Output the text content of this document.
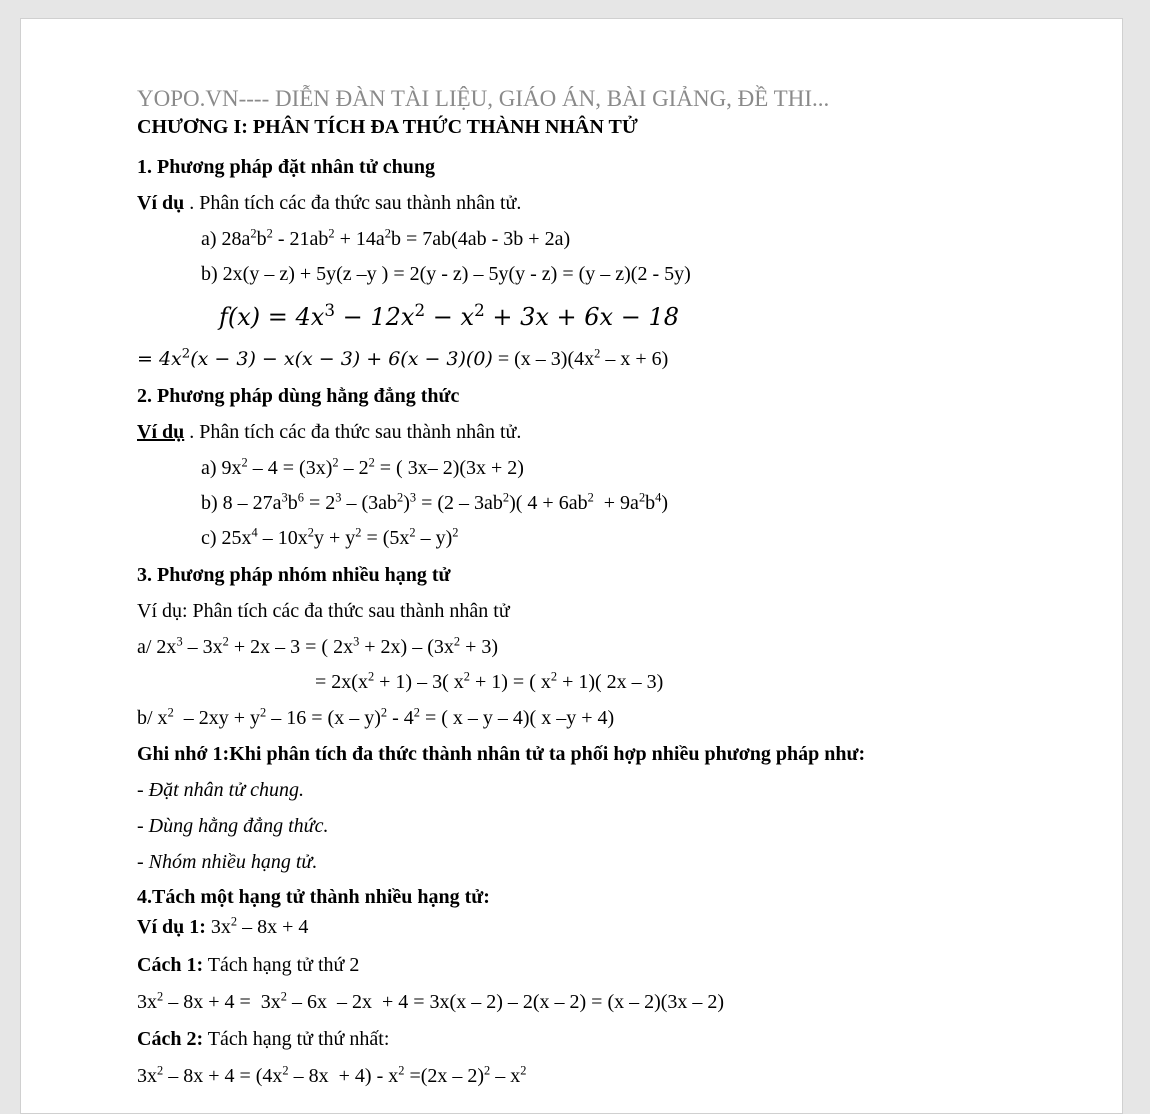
YOPO.VN---- DIỄN ĐÀN TÀI LIỆU, GIÁO ÁN, BÀI GIẢNG, ĐỀ THI...
CHƯƠNG I: PHÂN TÍCH ĐA THỨC THÀNH NHÂN TỬ
1. Phương pháp đặt nhân tử chung
Ví dụ . Phân tích các đa thức sau thành nhân tử.
a) $28a^2b^2 - 21ab^2 + 14a^2b = 7ab(4ab - 3b + 2a)$
b) 2x(y – z) + 5y(z –y ) = 2(y - z) – 5y(y - z) = (y – z)(2 - 5y)
$f(x) = 4x^3 - 12x^2 - x^2 + 3x + 6x - 18$
= $4x^2(x - 3) - x(x - 3) + 6(x - 3)(0) = (x - 3)(4x^2 - x + 6)$
2. Phương pháp dùng hằng đẳng thức
Ví dụ . Phân tích các đa thức sau thành nhân tử.
a) $9x^2 - 4 = (3x)^2 - 2^2$ = ( 3x– 2)(3x + 2)
b) $8 - 27a^3b^6 = 2^3 - (3ab^2)^3 = (2 - 3ab^2)$( $4 + 6ab^2 + 9a^2b^4$)
c) $25x^4 - 10x^2y + y^2 = (5x^2 - y)^2$
3. Phương pháp nhóm nhiều hạng tử
Ví dụ: Phân tích các đa thức sau thành nhân tử
a/ $2x^3 - 3x^2 + 2x - 3$ = ( $2x^3 + 2x) - (3x^2 + 3)$
= $2x(x^2 + 1) - 3$( $x^2 + 1$) = ( $x^2 + 1$)( 2x – 3)
b/ $x^2 - 2xy + y^2 - 16 = (x - y)^2 - 4^2$ = ( x – y – 4)( x –y + 4)
Ghi nhớ 1:Khi phân tích đa thức thành nhân tử ta phối hợp nhiều phương pháp như:
- Đặt nhân tử chung.
- Dùng hằng đẳng thức.
- Nhóm nhiều hạng tử.
4.Tách một hạng tử thành nhiều hạng tử:
Ví dụ 1: $3x^2 - 8x + 4$
Cách 1: Tách hạng tử thứ 2
$3x^2 - 8x + 4 = 3x^2 - 6x - 2x + 4 = 3x(x - 2) - 2(x - 2) = (x - 2)(3x - 2)$
Cách 2: Tách hạng tử thứ nhất:
$3x^2 - 8x + 4 = (4x^2 - 8x + 4) - x^2 =(2x - 2)^2 - x^2$
